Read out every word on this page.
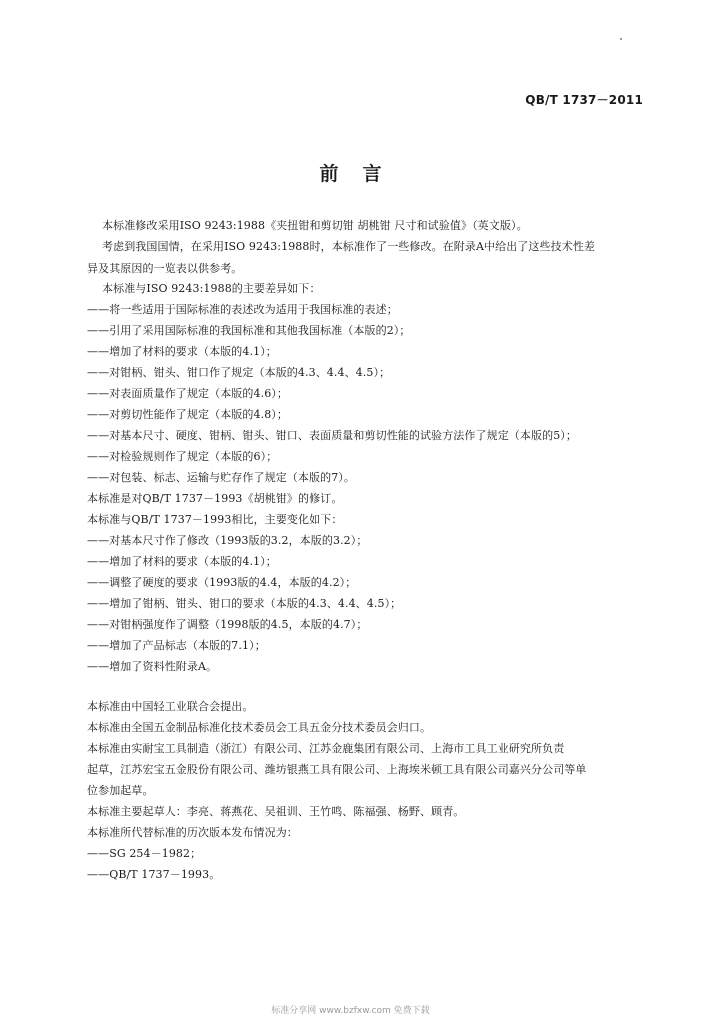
QB/T 1737－2011
前言
本标准修改采用ISO 9243:1988《夹扭钳和剪切钳 胡桃钳 尺寸和试验值》（英文版）。
考虑到我国国情，在采用ISO 9243:1988时，本标准作了一些修改。在附录A中给出了这些技术性差
异及其原因的一览表以供参考。
本标准与ISO 9243:1988的主要差异如下：
——将一些适用于国际标准的表述改为适用于我国标准的表述；
——引用了采用国际标准的我国标准和其他我国标准（本版的2）；
——增加了材料的要求（本版的4.1）；
——对钳柄、钳头、钳口作了规定（本版的4.3、4.4、4.5）；
——对表面质量作了规定（本版的4.6）；
——对剪切性能作了规定（本版的4.8）；
——对基本尺寸、硬度、钳柄、钳头、钳口、表面质量和剪切性能的试验方法作了规定（本版的5）；
——对检验规则作了规定（本版的6）；
——对包装、标志、运输与贮存作了规定（本版的7）。
本标准是对QB/T 1737－1993《胡桃钳》的修订。
本标准与QB/T 1737－1993相比，主要变化如下：
——对基本尺寸作了修改（1993版的3.2，本版的3.2）；
——增加了材料的要求（本版的4.1）；
——调整了硬度的要求（1993版的4.4，本版的4.2）；
——增加了钳柄、钳头、钳口的要求（本版的4.3、4.4、4.5）；
——对钳柄强度作了调整（1998版的4.5，本版的4.7）；
——增加了产品标志（本版的7.1）；
——增加了资料性附录A。
本标准由中国轻工业联合会提出。
本标准由全国五金制品标准化技术委员会工具五金分技术委员会归口。
本标准由实耐宝工具制造（浙江）有限公司、江苏金鹿集团有限公司、上海市工具工业研究所负责
起草，江苏宏宝五金股份有限公司、潍坊银燕工具有限公司、上海埃米顿工具有限公司嘉兴分公司等单
位参加起草。
本标准主要起草人：李亮、蒋燕花、吴祖训、王竹鸣、陈福强、杨野、顾青。
本标准所代替标准的历次版本发布情况为：
——SG 254－1982；
——QB/T 1737－1993。
标准分享网 www.bzfxw.com 免费下载
